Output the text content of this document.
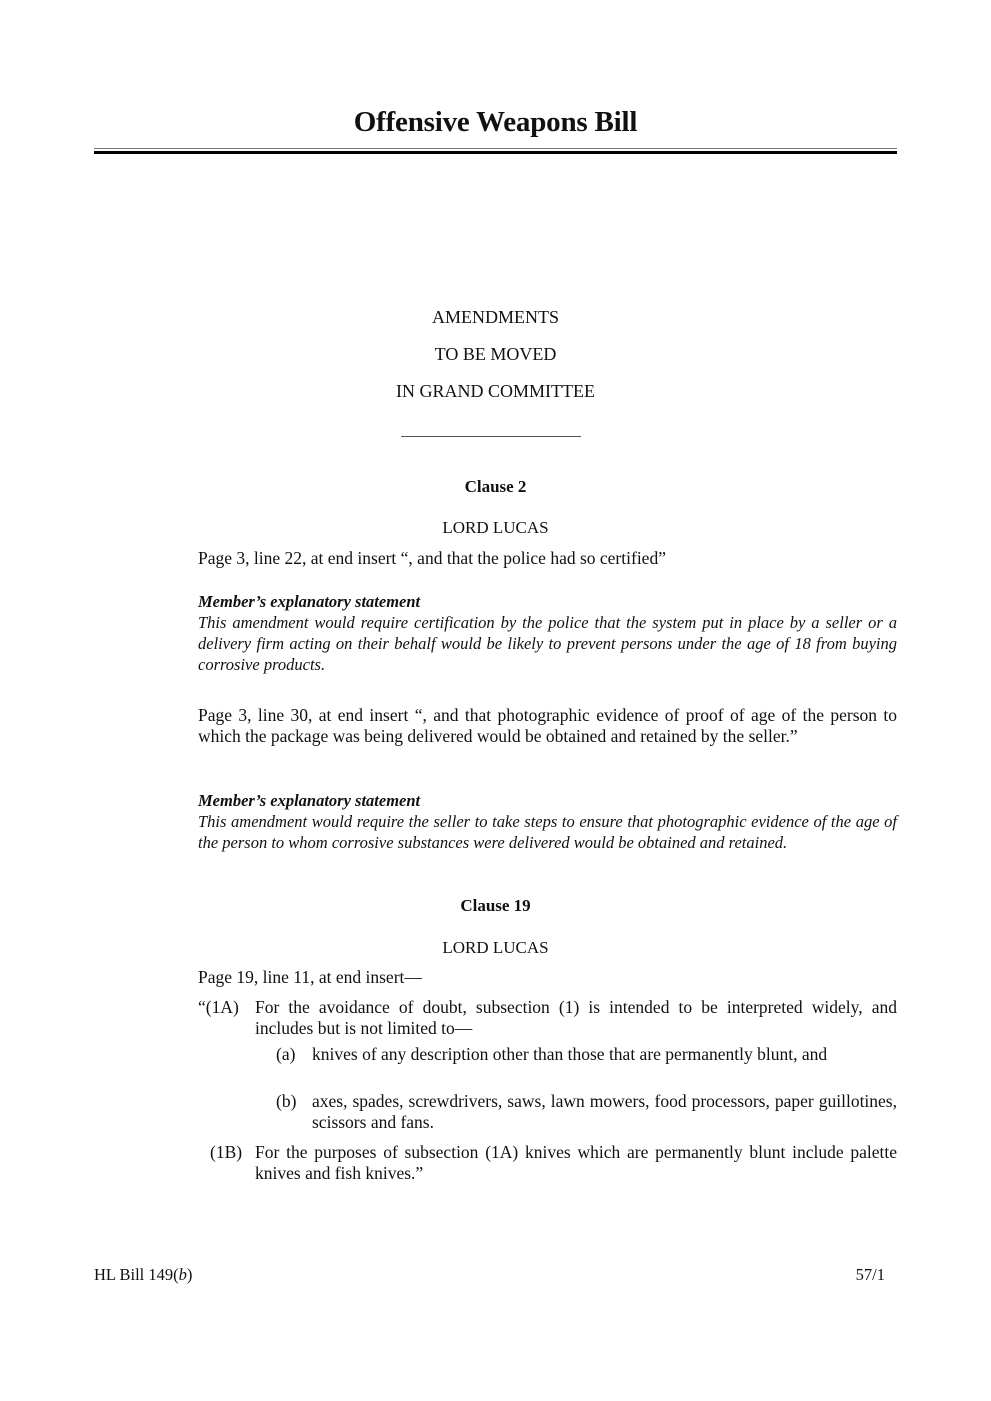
Offensive Weapons Bill
AMENDMENTS
TO BE MOVED
IN GRAND COMMITTEE
Clause 2
LORD LUCAS
Page 3, line 22, at end insert “, and that the police had so certified”
Member’s explanatory statement
This amendment would require certification by the police that the system put in place by a seller or a delivery firm acting on their behalf would be likely to prevent persons under the age of 18 from buying corrosive products.
Page 3, line 30, at end insert “, and that photographic evidence of proof of age of the person to which the package was being delivered would be obtained and retained by the seller.”
Member’s explanatory statement
This amendment would require the seller to take steps to ensure that photographic evidence of the age of the person to whom corrosive substances were delivered would be obtained and retained.
Clause 19
LORD LUCAS
Page 19, line 11, at end insert—
“(1A) For the avoidance of doubt, subsection (1) is intended to be interpreted widely, and includes but is not limited to—
(a) knives of any description other than those that are permanently blunt, and
(b) axes, spades, screwdrivers, saws, lawn mowers, food processors, paper guillotines, scissors and fans.
(1B) For the purposes of subsection (1A) knives which are permanently blunt include palette knives and fish knives.”
HL Bill 149(b)	57/1
